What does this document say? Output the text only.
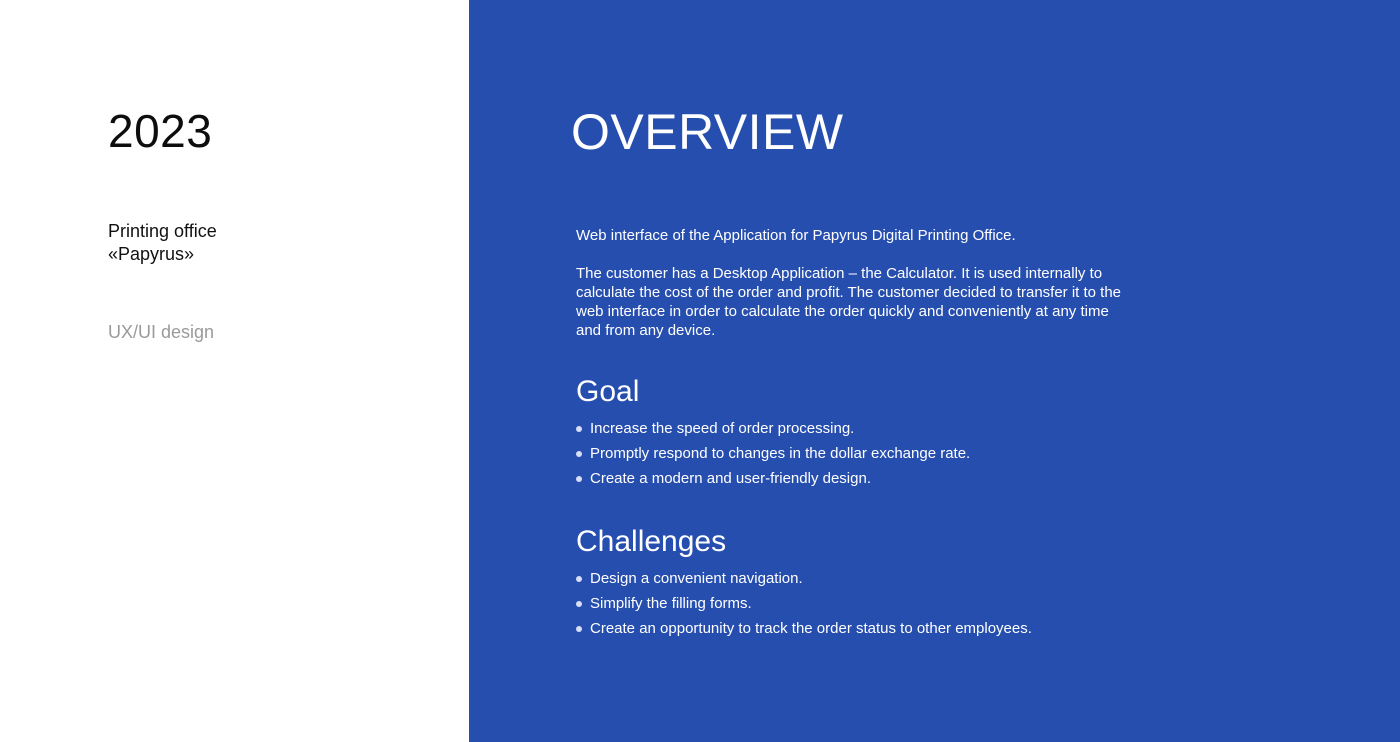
2023
Printing office
«Papyrus»
UX/UI design
OVERVIEW

Web interface of the Application for Papyrus Digital Printing Office.

The customer has a Desktop Application – the Calculator. It is used internally to calculate the cost of the order and profit. The customer decided to transfer it to the web interface in order to calculate the order quickly and conveniently at any time and from any device.

Goal
Increase the speed of order processing.
Promptly respond to changes in the dollar exchange rate.
Create a modern and user-friendly design.
Challenges
Design a convenient navigation.
Simplify the filling forms.
Create an opportunity to track the order status to other employees.
